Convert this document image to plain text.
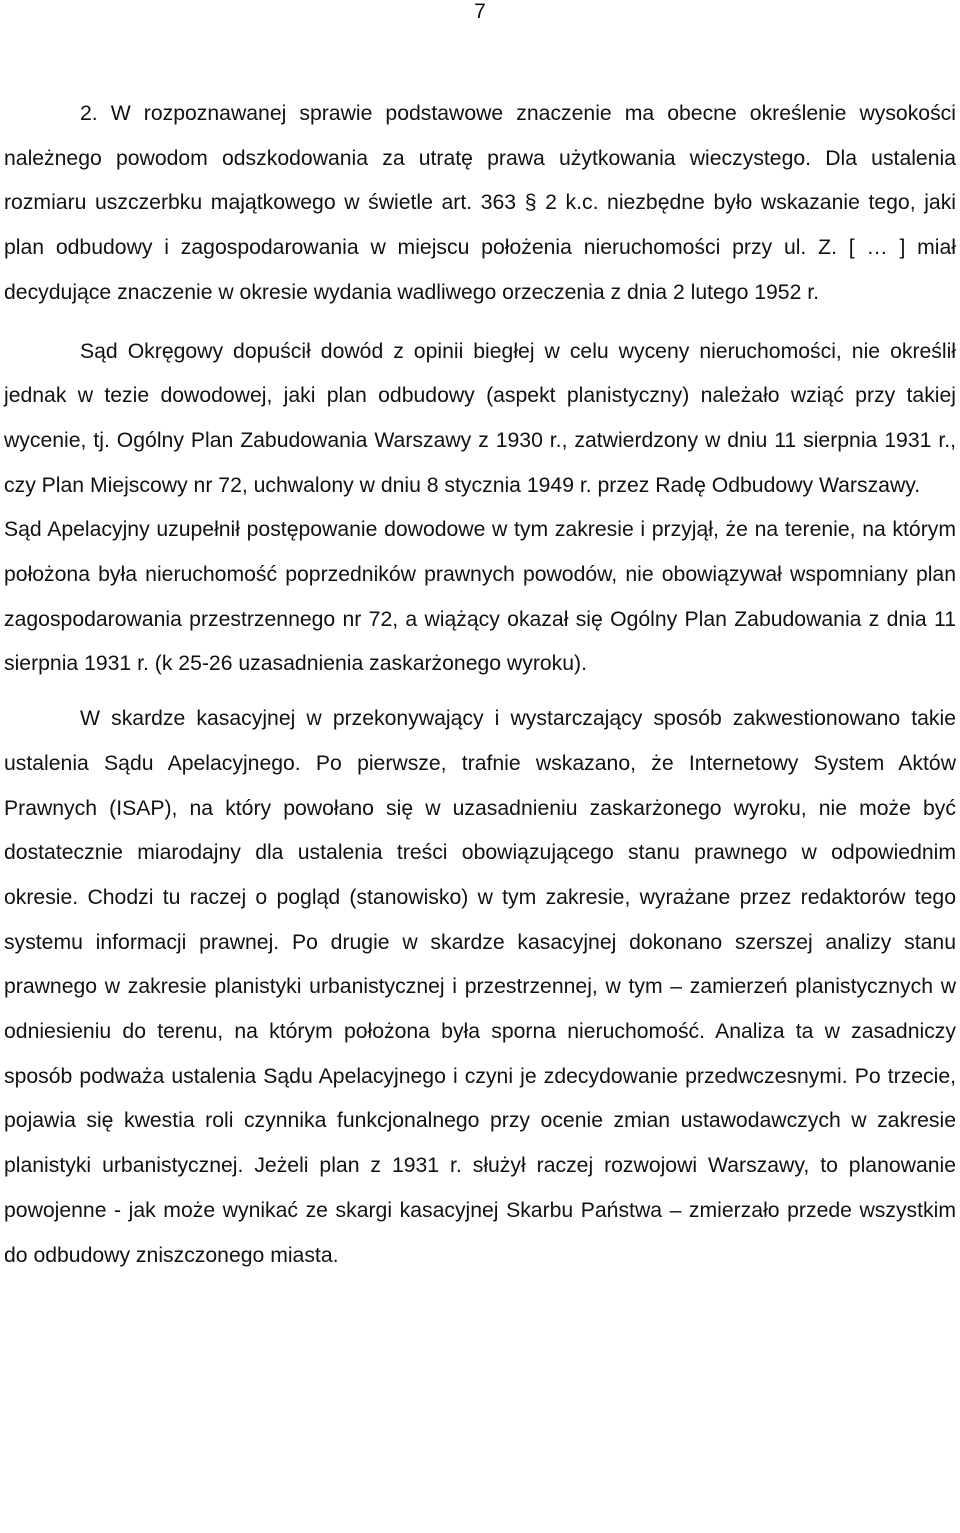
7

2. W rozpoznawanej sprawie podstawowe znaczenie ma obecne określenie wysokości należnego powodom odszkodowania za utratę prawa użytkowania wieczystego. Dla ustalenia rozmiaru uszczerbku majątkowego w świetle art. 363 § 2 k.c. niezbędne było wskazanie tego, jaki plan odbudowy i zagospodarowania w miejscu położenia nieruchomości przy ul. Z. [ … ] miał decydujące znaczenie w okresie wydania wadliwego orzeczenia z dnia 2 lutego 1952 r.

Sąd Okręgowy dopuścił dowód z opinii biegłej w celu wyceny nieruchomości, nie określił jednak w tezie dowodowej, jaki plan odbudowy (aspekt planistyczny) należało wziąć przy takiej wycenie, tj. Ogólny Plan Zabudowania Warszawy z 1930 r., zatwierdzony w dniu 11 sierpnia 1931 r., czy Plan Miejscowy nr 72, uchwalony w dniu 8 stycznia 1949 r. przez Radę Odbudowy Warszawy.

Sąd Apelacyjny uzupełnił postępowanie dowodowe w tym zakresie i przyjął, że na terenie, na którym położona była nieruchomość poprzedników prawnych powodów, nie obowiązywał wspomniany plan zagospodarowania przestrzennego nr 72, a wiążący okazał się Ogólny Plan Zabudowania z dnia 11 sierpnia 1931 r. (k 25-26 uzasadnienia zaskarżonego wyroku).

W skardze kasacyjnej w przekonywający i wystarczający sposób zakwestionowano takie ustalenia Sądu Apelacyjnego. Po pierwsze, trafnie wskazano, że Internetowy System Aktów Prawnych (ISAP), na który powołano się w uzasadnieniu zaskarżonego wyroku, nie może być dostatecznie miarodajny dla ustalenia treści obowiązującego stanu prawnego w odpowiednim okresie. Chodzi tu raczej o pogląd (stanowisko) w tym zakresie, wyrażane przez redaktorów tego systemu informacji prawnej. Po drugie w skardze kasacyjnej dokonano szerszej analizy stanu prawnego w zakresie planistyki urbanistycznej i przestrzennej, w tym – zamierzeń planistycznych w odniesieniu do terenu, na którym położona była sporna nieruchomość. Analiza ta w zasadniczy sposób podważa ustalenia Sądu Apelacyjnego i czyni je zdecydowanie przedwczesnymi. Po trzecie, pojawia się kwestia roli czynnika funkcjonalnego przy ocenie zmian ustawodawczych w zakresie planistyki urbanistycznej. Jeżeli plan z 1931 r. służył raczej rozwojowi Warszawy, to planowanie powojenne - jak może wynikać ze skargi kasacyjnej Skarbu Państwa – zmierzało przede wszystkim do odbudowy zniszczonego miasta.
